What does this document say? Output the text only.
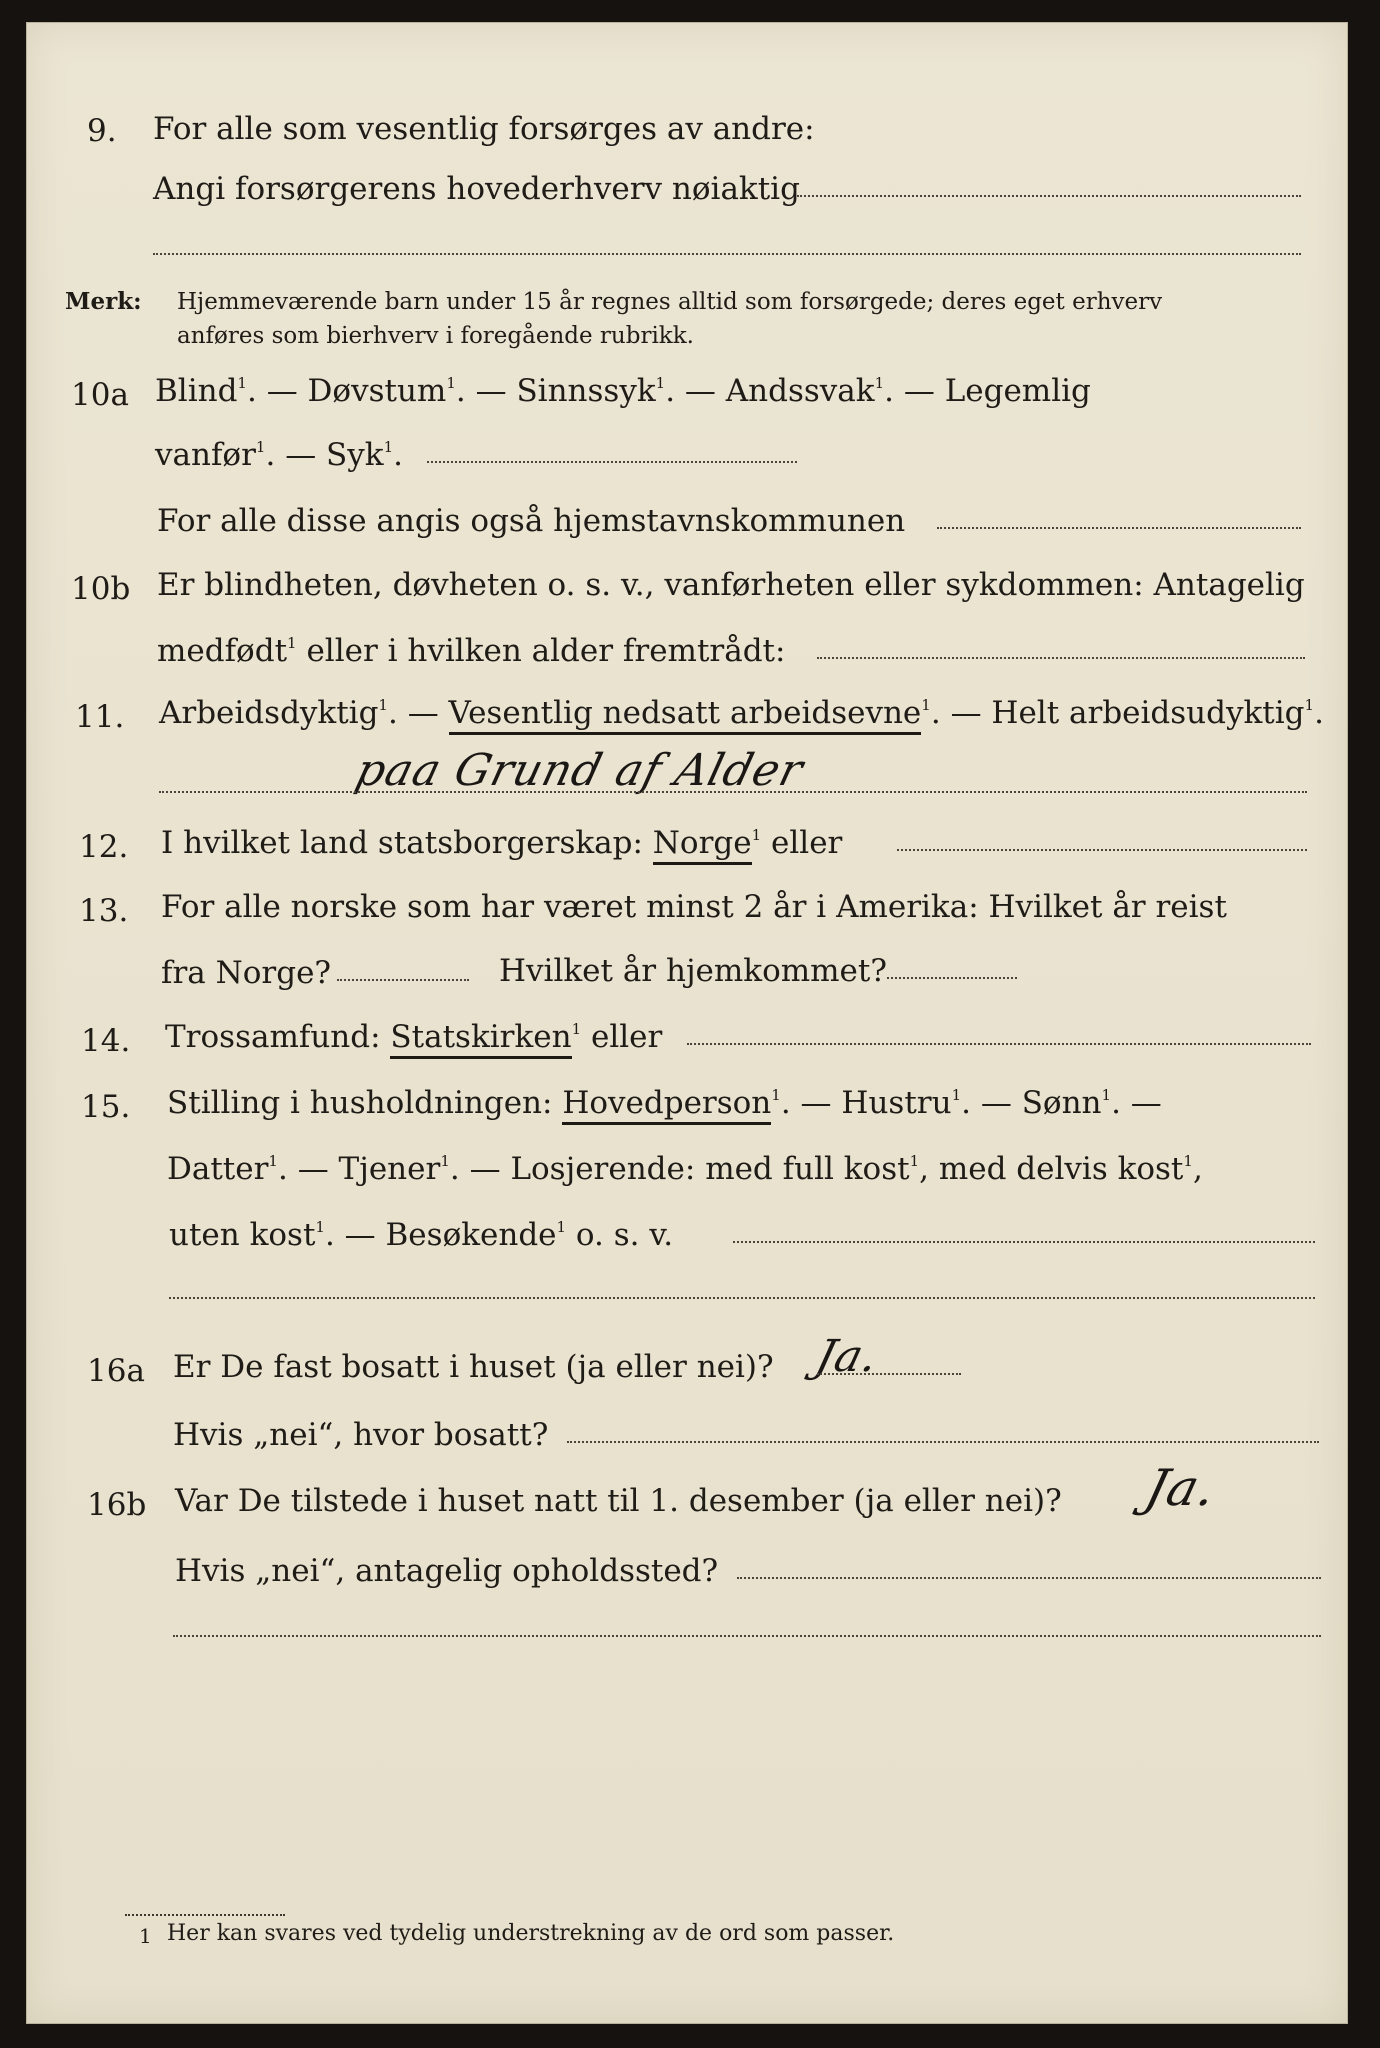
9. For alle som vesentlig forsørges av andre:
Angi forsørgerens hovederhverv nøiaktig
Merk: Hjemmeværende barn under 15 år regnes alltid som forsørgede; deres eget erhverv
anføres som bierhverv i foregående rubrikk.
10a Blind$^1$. — Døvstum$^1$. — Sinnssyk$^1$. — Andssvak$^1$. — Legemlig
vanfør$^1$. — Syk$^1$.
For alle disse angis også hjemstavnskommunen
10b Er blindheten, døvheten o. s. v., vanførheten eller sykdommen: Antagelig
medfødt$^1$ eller i hvilken alder fremtrådt:
11. Arbeidsdyktig$^1$. — Vesentlig nedsatt arbeidsevne$^1$. — Helt arbeidsudyktig$^1$.
paa Grund af Alder
12. I hvilket land statsborgerskap: Norge$^1$ eller
13. For alle norske som har været minst 2 år i Amerika: Hvilket år reist
fra Norge?	Hvilket år hjemkommet?
14. Trossamfund: Statskirken$^1$ eller
15. Stilling i husholdningen: Hovedperson$^1$. — Hustru$^1$. — Sønn$^1$. —
Datter$^1$. — Tjener$^1$. — Losjerende: med full kost$^1$, med delvis kost$^1$,
uten kost$^1$. — Besøkende$^1$ o. s. v.
16a Er De fast bosatt i huset (ja eller nei)? Ja.
Hvis „nei“, hvor bosatt?
16b Var De tilstede i huset natt til 1. desember (ja eller nei)? Ja.
Hvis „nei“, antagelig opholdssted?
1 Her kan svares ved tydelig understrekning av de ord som passer.
